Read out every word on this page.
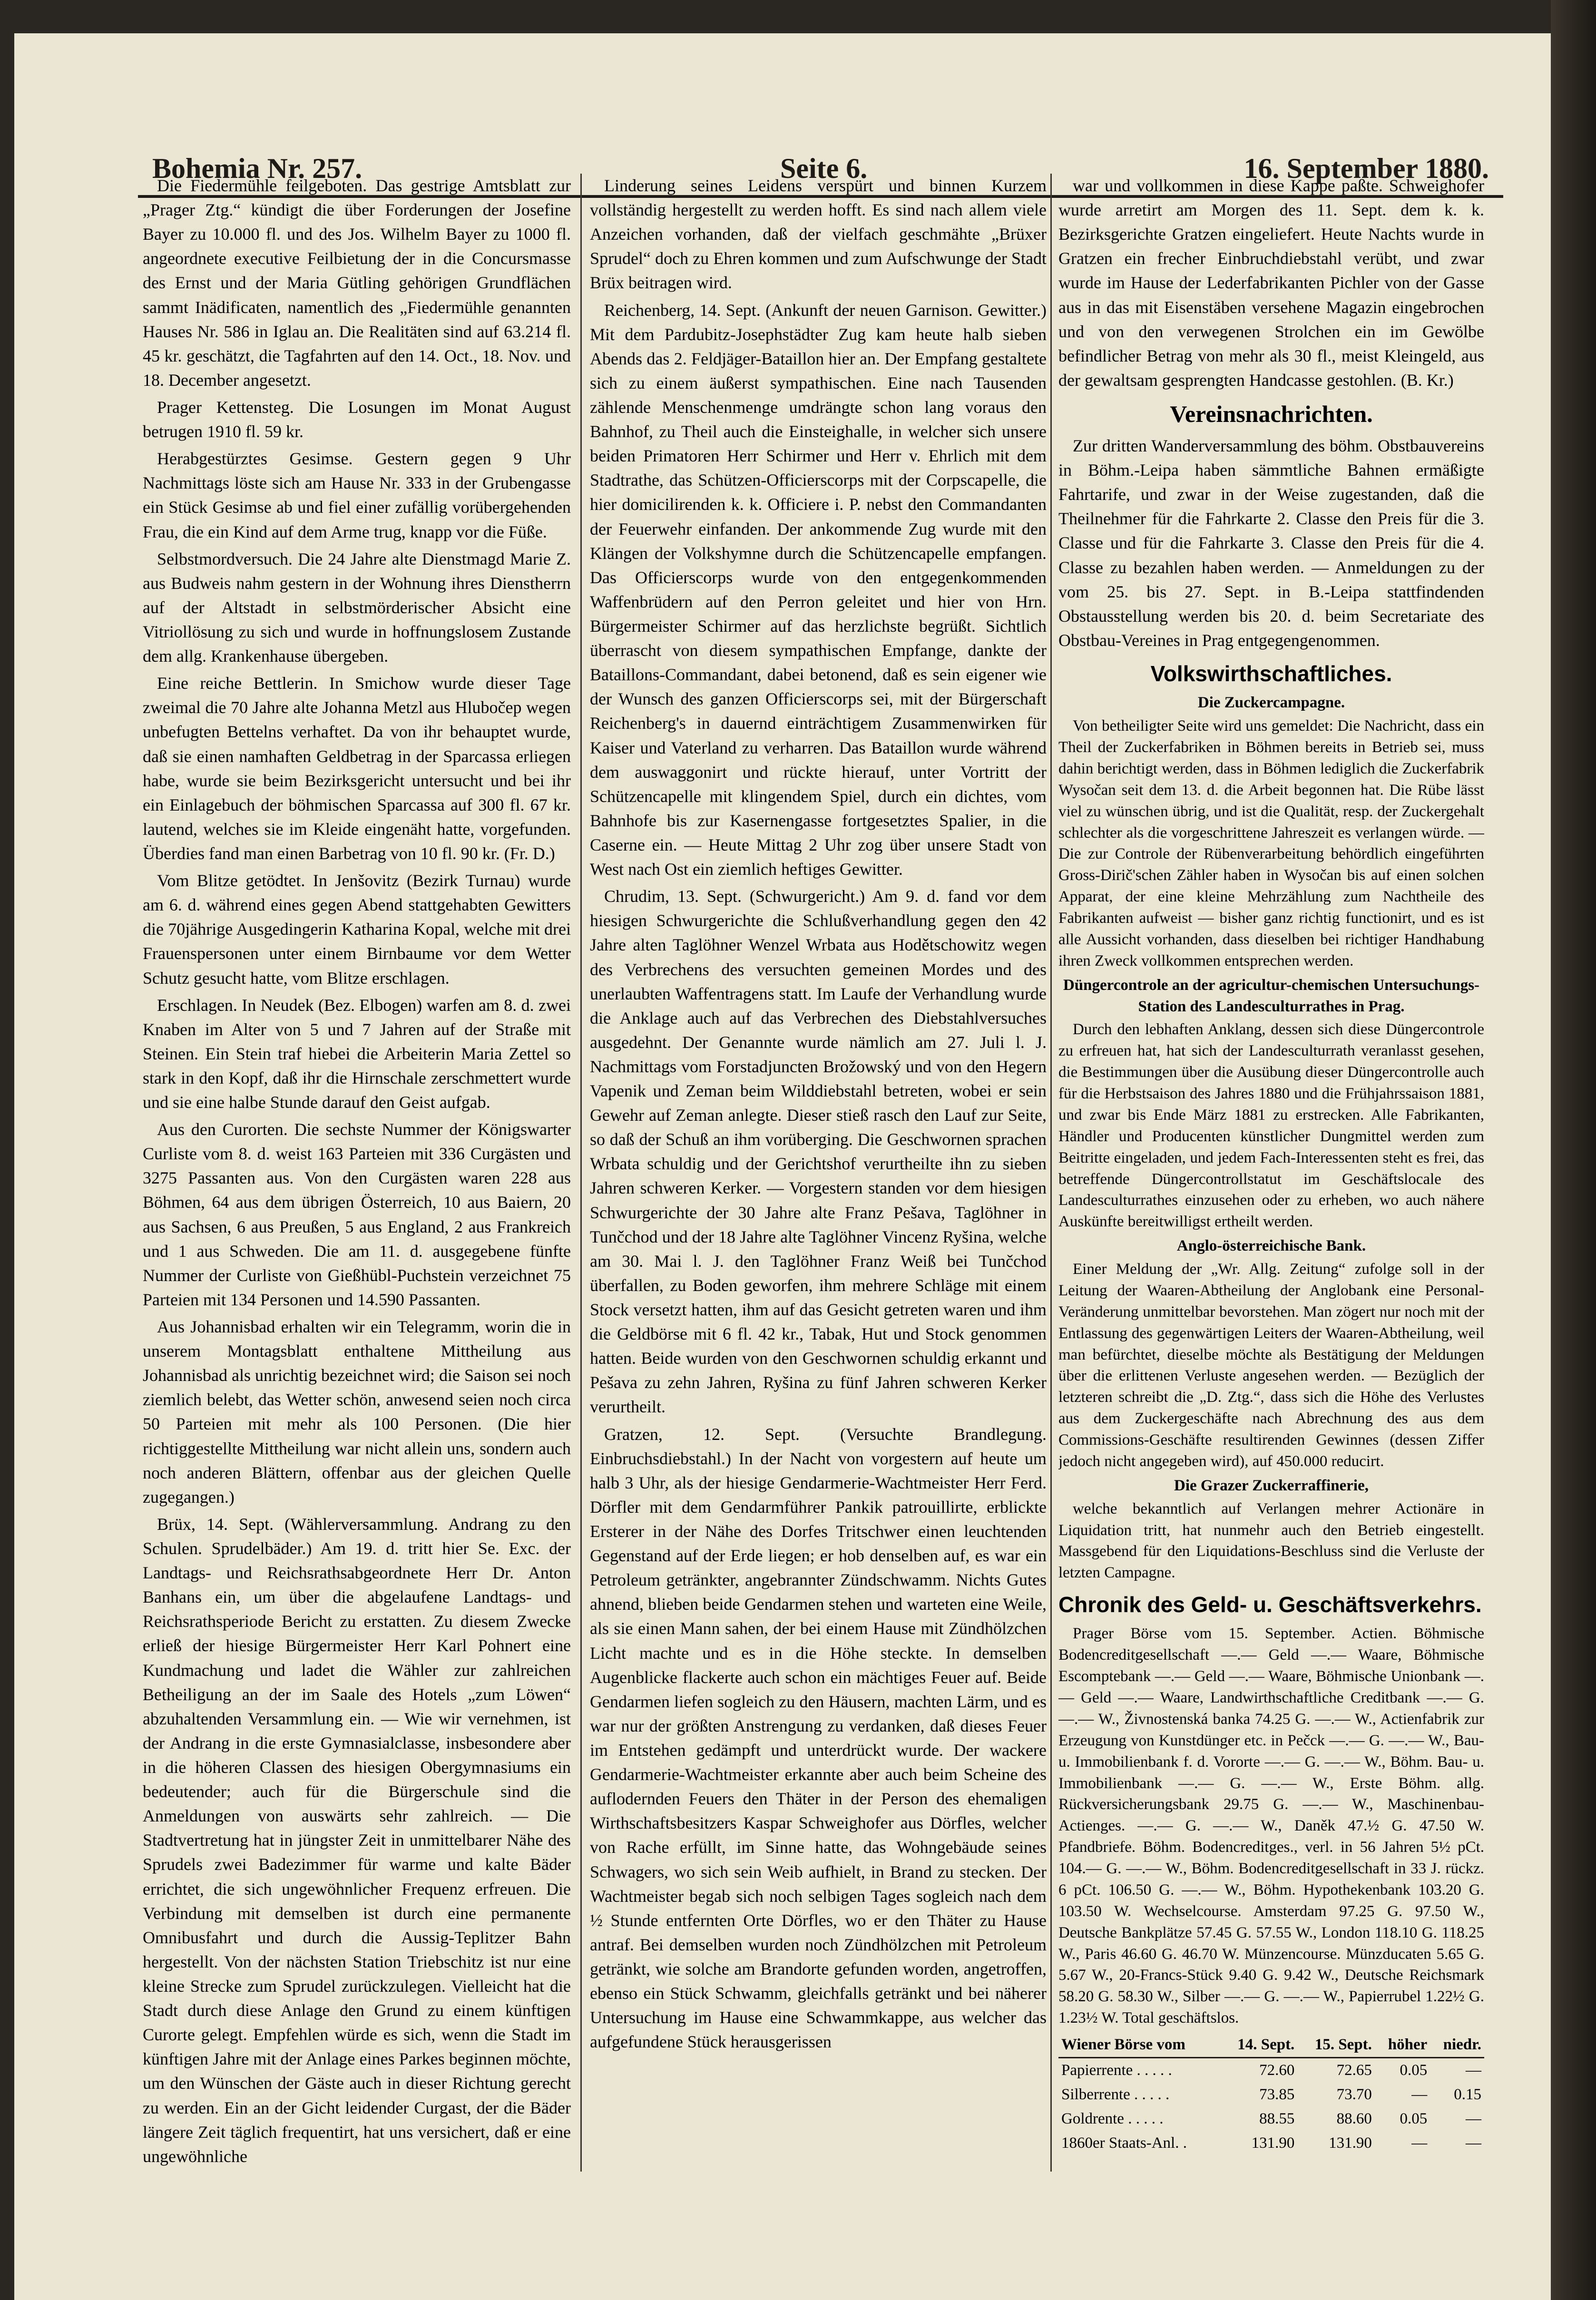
Bohemia Nr. 257.	Seite 6.	16. September 1880.

Die Fiedermühle feilgeboten. Das gestrige Amtsblatt zur „Prager Ztg.“ kündigt die über Forderungen der Josefine Bayer zu 10.000 fl. und des Jos. Wilhelm Bayer zu 1000 fl. angeordnete executive Feilbietung der in die Concursmasse des Ernst und der Maria Gütling gehörigen Grundflächen sammt Inädificaten, namentlich des „Fiedermühle genannten Hauses Nr. 586 in Iglau an. Die Realitäten sind auf 63.214 fl. 45 kr. geschätzt, die Tagfahrten auf den 14. Oct., 18. Nov. und 18. December angesetzt.

Prager Kettensteg. Die Losungen im Monat August betrugen 1910 fl. 59 kr.

Herabgestürztes Gesimse. Gestern gegen 9 Uhr Nachmittags löste sich am Hause Nr. 333 in der Grubengasse ein Stück Gesimse ab und fiel einer zufällig vorübergehenden Frau, die ein Kind auf dem Arme trug, knapp vor die Füße.

Selbstmordversuch. Die 24 Jahre alte Dienstmagd Marie Z. aus Budweis nahm gestern in der Wohnung ihres Dienstherrn auf der Altstadt in selbstmörderischer Absicht eine Vitriollösung zu sich und wurde in hoffnungslosem Zustande dem allg. Krankenhause übergeben.

Eine reiche Bettlerin. In Smichow wurde dieser Tage zweimal die 70 Jahre alte Johanna Metzl aus Hlubočep wegen unbefugten Bettelns verhaftet. Da von ihr behauptet wurde, daß sie einen namhaften Geldbetrag in der Sparcassa erliegen habe, wurde sie beim Bezirksgericht untersucht und bei ihr ein Einlagebuch der böhmischen Sparcassa auf 300 fl. 67 kr. lautend, welches sie im Kleide eingenäht hatte, vorgefunden. Überdies fand man einen Barbetrag von 10 fl. 90 kr. (Fr. D.)

Vom Blitze getödtet. In Jenšovitz (Bezirk Turnau) wurde am 6. d. während eines gegen Abend stattgehabten Gewitters die 70jährige Ausgedingerin Katharina Kopal, welche mit drei Frauenspersonen unter einem Birnbaume vor dem Wetter Schutz gesucht hatte, vom Blitze erschlagen.

Erschlagen. In Neudek (Bez. Elbogen) warfen am 8. d. zwei Knaben im Alter von 5 und 7 Jahren auf der Straße mit Steinen. Ein Stein traf hiebei die Arbeiterin Maria Zettel so stark in den Kopf, daß ihr die Hirnschale zerschmettert wurde und sie eine halbe Stunde darauf den Geist aufgab.

Aus den Curorten. Die sechste Nummer der Königswarter Curliste vom 8. d. weist 163 Parteien mit 336 Curgästen und 3275 Passanten aus. Von den Curgästen waren 228 aus Böhmen, 64 aus dem übrigen Österreich, 10 aus Baiern, 20 aus Sachsen, 6 aus Preußen, 5 aus England, 2 aus Frankreich und 1 aus Schweden. Die am 11. d. ausgegebene fünfte Nummer der Curliste von Gießhübl-Puchstein verzeichnet 75 Parteien mit 134 Personen und 14.590 Passanten.

Aus Johannisbad erhalten wir ein Telegramm, worin die in unserem Montagsblatt enthaltene Mittheilung aus Johannisbad als unrichtig bezeichnet wird; die Saison sei noch ziemlich belebt, das Wetter schön, anwesend seien noch circa 50 Parteien mit mehr als 100 Personen. (Die hier richtiggestellte Mittheilung war nicht allein uns, sondern auch noch anderen Blättern, offenbar aus der gleichen Quelle zugegangen.)

Brüx, 14. Sept. (Wählerversammlung. Andrang zu den Schulen. Sprudelbäder.) Am 19. d. tritt hier Se. Exc. der Landtags- und Reichsrathsabgeordnete Herr Dr. Anton Banhans ein, um über die abgelaufene Landtags- und Reichsrathsperiode Bericht zu erstatten. Zu diesem Zwecke erließ der hiesige Bürgermeister Herr Karl Pohnert eine Kundmachung und ladet die Wähler zur zahlreichen Betheiligung an der im Saale des Hotels „zum Löwen“ abzuhaltenden Versammlung ein. — Wie wir vernehmen, ist der Andrang in die erste Gymnasialclasse, insbesondere aber in die höheren Classen des hiesigen Obergymnasiums ein bedeutender; auch für die Bürgerschule sind die Anmeldungen von auswärts sehr zahlreich. — Die Stadtvertretung hat in jüngster Zeit in unmittelbarer Nähe des Sprudels zwei Badezimmer für warme und kalte Bäder errichtet, die sich ungewöhnlicher Frequenz erfreuen. Die Verbindung mit demselben ist durch eine permanente Omnibusfahrt und durch die Aussig-Teplitzer Bahn hergestellt. Von der nächsten Station Triebschitz ist nur eine kleine Strecke zum Sprudel zurückzulegen. Vielleicht hat die Stadt durch diese Anlage den Grund zu einem künftigen Curorte gelegt. Empfehlen würde es sich, wenn die Stadt im künftigen Jahre mit der Anlage eines Parkes beginnen möchte, um den Wünschen der Gäste auch in dieser Richtung gerecht zu werden. Ein an der Gicht leidender Curgast, der die Bäder längere Zeit täglich frequentirt, hat uns versichert, daß er eine ungewöhnliche

Linderung seines Leidens verspürt und binnen Kurzem vollständig hergestellt zu werden hofft. Es sind nach allem viele Anzeichen vorhanden, daß der vielfach geschmähte „Brüxer Sprudel“ doch zu Ehren kommen und zum Aufschwunge der Stadt Brüx beitragen wird.

Reichenberg, 14. Sept. (Ankunft der neuen Garnison. Gewitter.) Mit dem Pardubitz-Josephstädter Zug kam heute halb sieben Abends das 2. Feldjäger-Bataillon hier an. Der Empfang gestaltete sich zu einem äußerst sympathischen. Eine nach Tausenden zählende Menschenmenge umdrängte schon lang voraus den Bahnhof, zu Theil auch die Einsteighalle, in welcher sich unsere beiden Primatoren Herr Schirmer und Herr v. Ehrlich mit dem Stadtrathe, das Schützen-Officierscorps mit der Corpscapelle, die hier domicilirenden k. k. Officiere i. P. nebst den Commandanten der Feuerwehr einfanden. Der ankommende Zug wurde mit den Klängen der Volkshymne durch die Schützencapelle empfangen. Das Officierscorps wurde von den entgegenkommenden Waffenbrüdern auf den Perron geleitet und hier von Hrn. Bürgermeister Schirmer auf das herzlichste begrüßt. Sichtlich überrascht von diesem sympathischen Empfange, dankte der Bataillons-Commandant, dabei betonend, daß es sein eigener wie der Wunsch des ganzen Officierscorps sei, mit der Bürgerschaft Reichenberg's in dauernd einträchtigem Zusammenwirken für Kaiser und Vaterland zu verharren. Das Bataillon wurde während dem auswaggonirt und rückte hierauf, unter Vortritt der Schützencapelle mit klingendem Spiel, durch ein dichtes, vom Bahnhofe bis zur Kasernengasse fortgesetztes Spalier, in die Caserne ein. — Heute Mittag 2 Uhr zog über unsere Stadt von West nach Ost ein ziemlich heftiges Gewitter.

Chrudim, 13. Sept. (Schwurgericht.) Am 9. d. fand vor dem hiesigen Schwurgerichte die Schlußverhandlung gegen den 42 Jahre alten Taglöhner Wenzel Wrbata aus Hodětschowitz wegen des Verbrechens des versuchten gemeinen Mordes und des unerlaubten Waffentragens statt. Im Laufe der Verhandlung wurde die Anklage auch auf das Verbrechen des Diebstahlversuches ausgedehnt. Der Genannte wurde nämlich am 27. Juli l. J. Nachmittags vom Forstadjuncten Brožowský und von den Hegern Vapenik und Zeman beim Wilddiebstahl betreten, wobei er sein Gewehr auf Zeman anlegte. Dieser stieß rasch den Lauf zur Seite, so daß der Schuß an ihm vorüberging. Die Geschwornen sprachen Wrbata schuldig und der Gerichtshof verurtheilte ihn zu sieben Jahren schweren Kerker. — Vorgestern standen vor dem hiesigen Schwurgerichte der 30 Jahre alte Franz Pešava, Taglöhner in Tunčchod und der 18 Jahre alte Taglöhner Vincenz Ryšina, welche am 30. Mai l. J. den Taglöhner Franz Weiß bei Tunčchod überfallen, zu Boden geworfen, ihm mehrere Schläge mit einem Stock versetzt hatten, ihm auf das Gesicht getreten waren und ihm die Geldbörse mit 6 fl. 42 kr., Tabak, Hut und Stock genommen hatten. Beide wurden von den Geschwornen schuldig erkannt und Pešava zu zehn Jahren, Ryšina zu fünf Jahren schweren Kerker verurtheilt.

Gratzen, 12. Sept. (Versuchte Brandlegung. Einbruchsdiebstahl.) In der Nacht von vorgestern auf heute um halb 3 Uhr, als der hiesige Gendarmerie-Wachtmeister Herr Ferd. Dörfler mit dem Gendarmführer Pankik patrouillirte, erblickte Ersterer in der Nähe des Dorfes Tritschwer einen leuchtenden Gegenstand auf der Erde liegen; er hob denselben auf, es war ein Petroleum getränkter, angebrannter Zündschwamm. Nichts Gutes ahnend, blieben beide Gendarmen stehen und warteten eine Weile, als sie einen Mann sahen, der bei einem Hause mit Zündhölzchen Licht machte und es in die Höhe steckte. In demselben Augenblicke flackerte auch schon ein mächtiges Feuer auf. Beide Gendarmen liefen sogleich zu den Häusern, machten Lärm, und es war nur der größten Anstrengung zu verdanken, daß dieses Feuer im Entstehen gedämpft und unterdrückt wurde. Der wackere Gendarmerie-Wachtmeister erkannte aber auch beim Scheine des auflodernden Feuers den Thäter in der Person des ehemaligen Wirthschaftsbesitzers Kaspar Schweighofer aus Dörfles, welcher von Rache erfüllt, im Sinne hatte, das Wohngebäude seines Schwagers, wo sich sein Weib aufhielt, in Brand zu stecken. Der Wachtmeister begab sich noch selbigen Tages sogleich nach dem ½ Stunde entfernten Orte Dörfles, wo er den Thäter zu Hause antraf. Bei demselben wurden noch Zündhölzchen mit Petroleum getränkt, wie solche am Brandorte gefunden worden, angetroffen, ebenso ein Stück Schwamm, gleichfalls getränkt und bei näherer Untersuchung im Hause eine Schwammkappe, aus welcher das aufgefundene Stück herausgerissen

war und vollkommen in diese Kappe paßte. Schweighofer wurde arretirt am Morgen des 11. Sept. dem k. k. Bezirksgerichte Gratzen eingeliefert. Heute Nachts wurde in Gratzen ein frecher Einbruchdiebstahl verübt, und zwar wurde im Hause der Lederfabrikanten Pichler von der Gasse aus in das mit Eisenstäben versehene Magazin eingebrochen und von den verwegenen Strolchen ein im Gewölbe befindlicher Betrag von mehr als 30 fl., meist Kleingeld, aus der gewaltsam gesprengten Handcasse gestohlen. (B. Kr.)

Vereinsnachrichten.

Zur dritten Wanderversammlung des böhm. Obstbauvereins in Böhm.-Leipa haben sämmtliche Bahnen ermäßigte Fahrtarife, und zwar in der Weise zugestanden, daß die Theilnehmer für die Fahrkarte 2. Classe den Preis für die 3. Classe und für die Fahrkarte 3. Classe den Preis für die 4. Classe zu bezahlen haben werden. — Anmeldungen zu der vom 25. bis 27. Sept. in B.-Leipa stattfindenden Obstausstellung werden bis 20. d. beim Secretariate des Obstbau-Vereines in Prag entgegengenommen.

Volkswirthschaftliches.
Die Zuckercampagne.

Von betheiligter Seite wird uns gemeldet: Die Nachricht, dass ein Theil der Zuckerfabriken in Böhmen bereits in Betrieb sei, muss dahin berichtigt werden, dass in Böhmen lediglich die Zuckerfabrik Wysočan seit dem 13. d. die Arbeit begonnen hat. Die Rübe lässt viel zu wünschen übrig, und ist die Qualität, resp. der Zuckergehalt schlechter als die vorgeschrittene Jahreszeit es verlangen würde. — Die zur Controle der Rübenverarbeitung behördlich eingeführten Gross-Dirič'schen Zähler haben in Wysočan bis auf einen solchen Apparat, der eine kleine Mehrzählung zum Nachtheile des Fabrikanten aufweist — bisher ganz richtig functionirt, und es ist alle Aussicht vorhanden, dass dieselben bei richtiger Handhabung ihren Zweck vollkommen entsprechen werden.

Düngercontrole an der agricultur-chemischen Untersuchungs-Station des Landesculturrathes in Prag.

Durch den lebhaften Anklang, dessen sich diese Düngercontrole zu erfreuen hat, hat sich der Landesculturrath veranlasst gesehen, die Bestimmungen über die Ausübung dieser Düngercontrolle auch für die Herbstsaison des Jahres 1880 und die Frühjahrssaison 1881, und zwar bis Ende März 1881 zu erstrecken. Alle Fabrikanten, Händler und Producenten künstlicher Dungmittel werden zum Beitritte eingeladen, und jedem Fach-Interessenten steht es frei, das betreffende Düngercontrollstatut im Geschäftslocale des Landesculturrathes einzusehen oder zu erheben, wo auch nähere Auskünfte bereitwilligst ertheilt werden.

Anglo-österreichische Bank.

Einer Meldung der „Wr. Allg. Zeitung“ zufolge soll in der Leitung der Waaren-Abtheilung der Anglobank eine Personal-Veränderung unmittelbar bevorstehen. Man zögert nur noch mit der Entlassung des gegenwärtigen Leiters der Waaren-Abtheilung, weil man befürchtet, dieselbe möchte als Bestätigung der Meldungen über die erlittenen Verluste angesehen werden. — Bezüglich der letzteren schreibt die „D. Ztg.“, dass sich die Höhe des Verlustes aus dem Zuckergeschäfte nach Abrechnung des aus dem Commissions-Geschäfte resultirenden Gewinnes (dessen Ziffer jedoch nicht angegeben wird), auf 450.000 reducirt.

Die Grazer Zuckerraffinerie,

welche bekanntlich auf Verlangen mehrer Actionäre in Liquidation tritt, hat nunmehr auch den Betrieb eingestellt. Massgebend für den Liquidations-Beschluss sind die Verluste der letzten Campagne.

Chronik des Geld- u. Geschäftsverkehrs.

Prager Börse vom 15. September. Actien. Böhmische Bodencreditgesellschaft —.— Geld —.— Waare, Böhmische Escomptebank —.— Geld —.— Waare, Böhmische Unionbank —.— Geld —.— Waare, Landwirthschaftliche Creditbank —.— G. —.— W., Živnostenská banka 74.25 G. —.— W., Actienfabrik zur Erzeugung von Kunstdünger etc. in Pečck —.— G. —.— W., Bau- u. Immobilienbank f. d. Vororte —.— G. —.— W., Böhm. Bau- u. Immobilienbank —.— G. —.— W., Erste Böhm. allg. Rückversicherungsbank 29.75 G. —.— W., Maschinenbau-Actienges. —.— G. —.— W., Daněk 47.½ G. 47.50 W. Pfandbriefe. Böhm. Bodencreditges., verl. in 56 Jahren 5½ pCt. 104.— G. —.— W., Böhm. Bodencreditgesellschaft in 33 J. rückz. 6 pCt. 106.50 G. —.— W., Böhm. Hypothekenbank 103.20 G. 103.50 W. Wechselcourse. Amsterdam 97.25 G. 97.50 W., Deutsche Bankplätze 57.45 G. 57.55 W., London 118.10 G. 118.25 W., Paris 46.60 G. 46.70 W. Münzencourse. Münzducaten 5.65 G. 5.67 W., 20-Francs-Stück 9.40 G. 9.42 W., Deutsche Reichsmark 58.20 G. 58.30 W., Silber —.— G. —.— W., Papierrubel 1.22½ G. 1.23½ W. Total geschäftslos.

Wiener Börse vom	14. Sept.	15. Sept.	höher	niedr.
Papierrente . . . . .	72.60	72.65	0.05	—
Silberrente . . . . .	73.85	73.70	—	0.15
Goldrente . . . . .	88.55	88.60	0.05	—
1860er Staats-Anl. .	131.90	131.90	—	—
